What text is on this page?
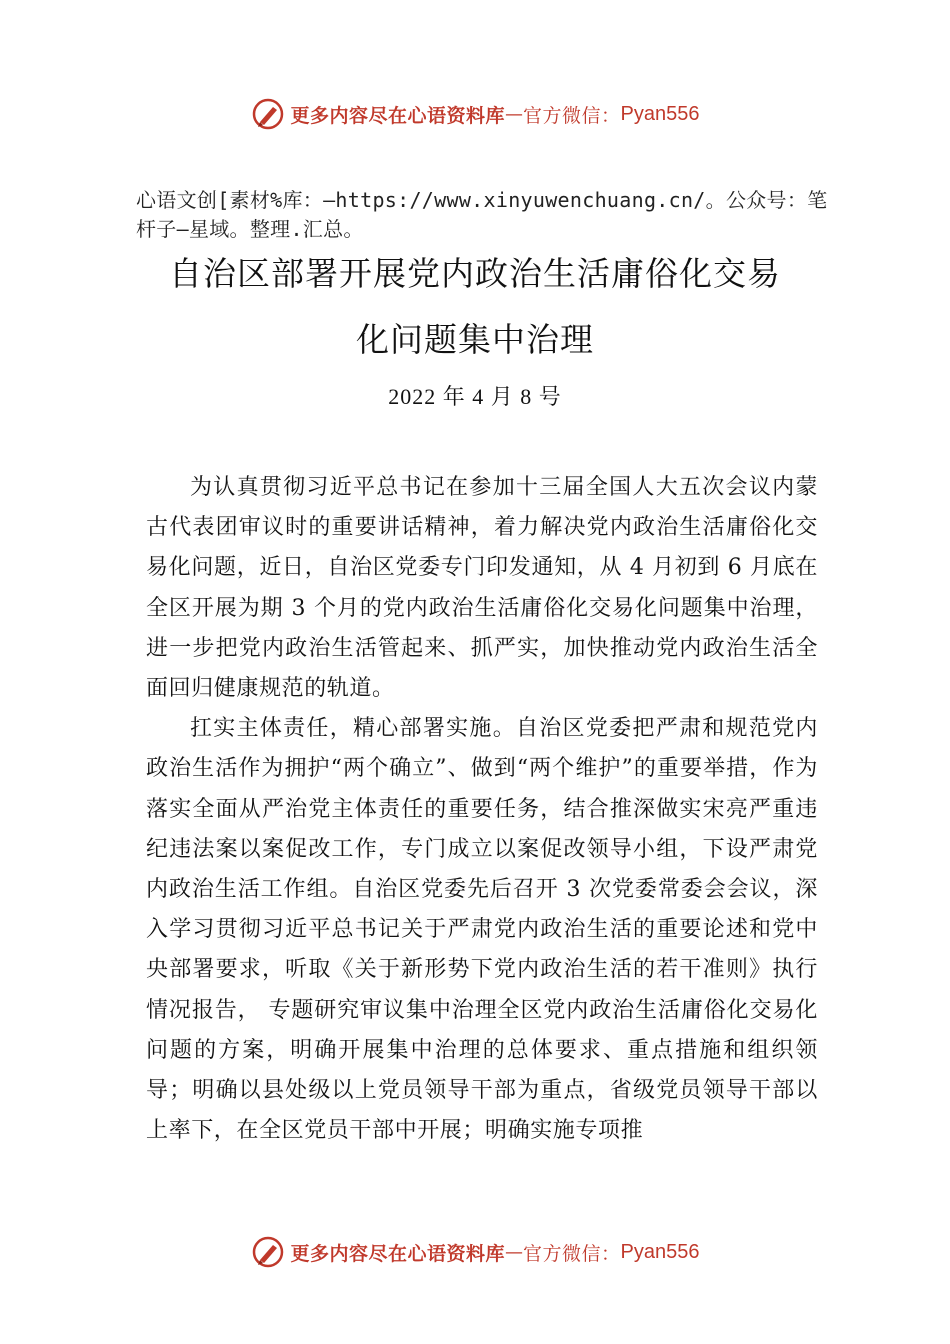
更多内容尽在心语资料库 — 官方微信： Pyan556
心语文创[素材%库：—https://www.xinyuwenchuang.cn/。公众号：笔杆子—星域。整理.汇总。
自治区部署开展党内政治生活庸俗化交易
化问题集中治理
2022 年 4 月 8 号

为认真贯彻习近平总书记在参加十三届全国人大五次会议内蒙古代表团审议时的重要讲话精神，着力解决党内政治生活庸俗化交易化问题，近日，自治区党委专门印发通知，从 4 月初到 6 月底在全区开展为期 3 个月的党内政治生活庸俗化交易化问题集中治理，进一步把党内政治生活管起来、抓严实，加快推动党内政治生活全面回归健康规范的轨道。

扛实主体责任，精心部署实施。自治区党委把严肃和规范党内政治生活作为拥护“两个确立”、做到“两个维护”的重要举措，作为落实全面从严治党主体责任的重要任务，结合推深做实宋亮严重违纪违法案以案促改工作，专门成立以案促改领导小组，下设严肃党内政治生活工作组。自治区党委先后召开 3 次党委常委会会议，深入学习贯彻习近平总书记关于严肃党内政治生活的重要论述和党中央部署要求，听取《关于新形势下党内政治生活的若干准则》执行情况报告， 专题研究审议集中治理全区党内政治生活庸俗化交易化问题的方案，明确开展集中治理的总体要求、重点措施和组织领导；明确以县处级以上党员领导干部为重点，省级党员领导干部以上率下，在全区党员干部中开展；明确实施专项推

更多内容尽在心语资料库 — 官方微信： Pyan556
